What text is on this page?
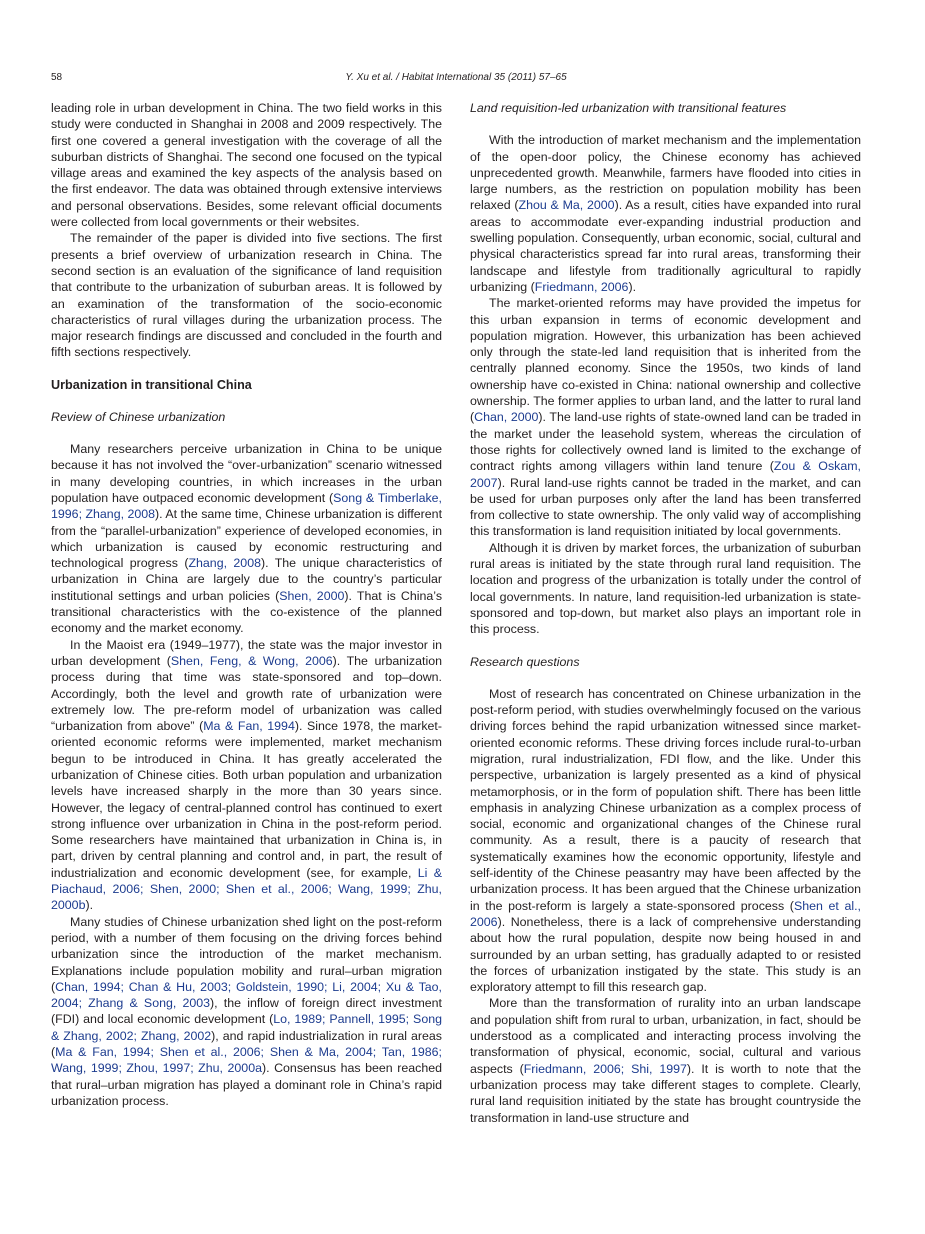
58	Y. Xu et al. / Habitat International 35 (2011) 57–65

leading role in urban development in China. The two field works in this study were conducted in Shanghai in 2008 and 2009 respectively. The first one covered a general investigation with the coverage of all the suburban districts of Shanghai. The second one focused on the typical village areas and examined the key aspects of the analysis based on the first endeavor. The data was obtained through extensive interviews and personal observations. Besides, some relevant official documents were collected from local governments or their websites.

The remainder of the paper is divided into five sections. The first presents a brief overview of urbanization research in China. The second section is an evaluation of the significance of land requisition that contribute to the urbanization of suburban areas. It is followed by an examination of the transformation of the socio-economic characteristics of rural villages during the urbanization process. The major research findings are discussed and concluded in the fourth and fifth sections respectively.

Urbanization in transitional China
Review of Chinese urbanization

Many researchers perceive urbanization in China to be unique because it has not involved the “over-urbanization” scenario witnessed in many developing countries, in which increases in the urban population have outpaced economic development (Song & Timberlake, 1996; Zhang, 2008). At the same time, Chinese urbanization is different from the “parallel-urbanization” experience of developed economies, in which urbanization is caused by economic restructuring and technological progress (Zhang, 2008). The unique characteristics of urbanization in China are largely due to the country’s particular institutional settings and urban policies (Shen, 2000). That is China’s transitional characteristics with the co-existence of the planned economy and the market economy.

In the Maoist era (1949–1977), the state was the major investor in urban development (Shen, Feng, & Wong, 2006). The urbanization process during that time was state-sponsored and top–down. Accordingly, both the level and growth rate of urbanization were extremely low. The pre-reform model of urbanization was called “urbanization from above” (Ma & Fan, 1994). Since 1978, the market-oriented economic reforms were implemented, market mechanism begun to be introduced in China. It has greatly accelerated the urbanization of Chinese cities. Both urban population and urbanization levels have increased sharply in the more than 30 years since. However, the legacy of central-planned control has continued to exert strong influence over urbanization in China in the post-reform period. Some researchers have maintained that urbanization in China is, in part, driven by central planning and control and, in part, the result of industrialization and economic development (see, for example, Li & Piachaud, 2006; Shen, 2000; Shen et al., 2006; Wang, 1999; Zhu, 2000b).

Many studies of Chinese urbanization shed light on the post-reform period, with a number of them focusing on the driving forces behind urbanization since the introduction of the market mechanism. Explanations include population mobility and rural–urban migration (Chan, 1994; Chan & Hu, 2003; Goldstein, 1990; Li, 2004; Xu & Tao, 2004; Zhang & Song, 2003), the inflow of foreign direct investment (FDI) and local economic development (Lo, 1989; Pannell, 1995; Song & Zhang, 2002; Zhang, 2002), and rapid industrialization in rural areas (Ma & Fan, 1994; Shen et al., 2006; Shen & Ma, 2004; Tan, 1986; Wang, 1999; Zhou, 1997; Zhu, 2000a). Consensus has been reached that rural–urban migration has played a dominant role in China’s rapid urbanization process.

Land requisition-led urbanization with transitional features

With the introduction of market mechanism and the implementation of the open-door policy, the Chinese economy has achieved unprecedented growth. Meanwhile, farmers have flooded into cities in large numbers, as the restriction on population mobility has been relaxed (Zhou & Ma, 2000). As a result, cities have expanded into rural areas to accommodate ever-expanding industrial production and swelling population. Consequently, urban economic, social, cultural and physical characteristics spread far into rural areas, transforming their landscape and lifestyle from traditionally agricultural to rapidly urbanizing (Friedmann, 2006).

The market-oriented reforms may have provided the impetus for this urban expansion in terms of economic development and population migration. However, this urbanization has been achieved only through the state-led land requisition that is inherited from the centrally planned economy. Since the 1950s, two kinds of land ownership have co-existed in China: national ownership and collective ownership. The former applies to urban land, and the latter to rural land (Chan, 2000). The land-use rights of state-owned land can be traded in the market under the leasehold system, whereas the circulation of those rights for collectively owned land is limited to the exchange of contract rights among villagers within land tenure (Zou & Oskam, 2007). Rural land-use rights cannot be traded in the market, and can be used for urban purposes only after the land has been transferred from collective to state ownership. The only valid way of accomplishing this transformation is land requisition initiated by local governments.

Although it is driven by market forces, the urbanization of suburban rural areas is initiated by the state through rural land requisition. The location and progress of the urbanization is totally under the control of local governments. In nature, land requisition-led urbanization is state-sponsored and top-down, but market also plays an important role in this process.

Research questions

Most of research has concentrated on Chinese urbanization in the post-reform period, with studies overwhelmingly focused on the various driving forces behind the rapid urbanization witnessed since market-oriented economic reforms. These driving forces include rural-to-urban migration, rural industrialization, FDI flow, and the like. Under this perspective, urbanization is largely presented as a kind of physical metamorphosis, or in the form of population shift. There has been little emphasis in analyzing Chinese urbanization as a complex process of social, economic and organizational changes of the Chinese rural community. As a result, there is a paucity of research that systematically examines how the economic opportunity, lifestyle and self-identity of the Chinese peasantry may have been affected by the urbanization process. It has been argued that the Chinese urbanization in the post-reform is largely a state-sponsored process (Shen et al., 2006). Nonetheless, there is a lack of comprehensive understanding about how the rural population, despite now being housed in and surrounded by an urban setting, has gradually adapted to or resisted the forces of urbanization instigated by the state. This study is an exploratory attempt to fill this research gap.

More than the transformation of rurality into an urban landscape and population shift from rural to urban, urbanization, in fact, should be understood as a complicated and interacting process involving the transformation of physical, economic, social, cultural and various aspects (Friedmann, 2006; Shi, 1997). It is worth to note that the urbanization process may take different stages to complete. Clearly, rural land requisition initiated by the state has brought countryside the transformation in land-use structure and
